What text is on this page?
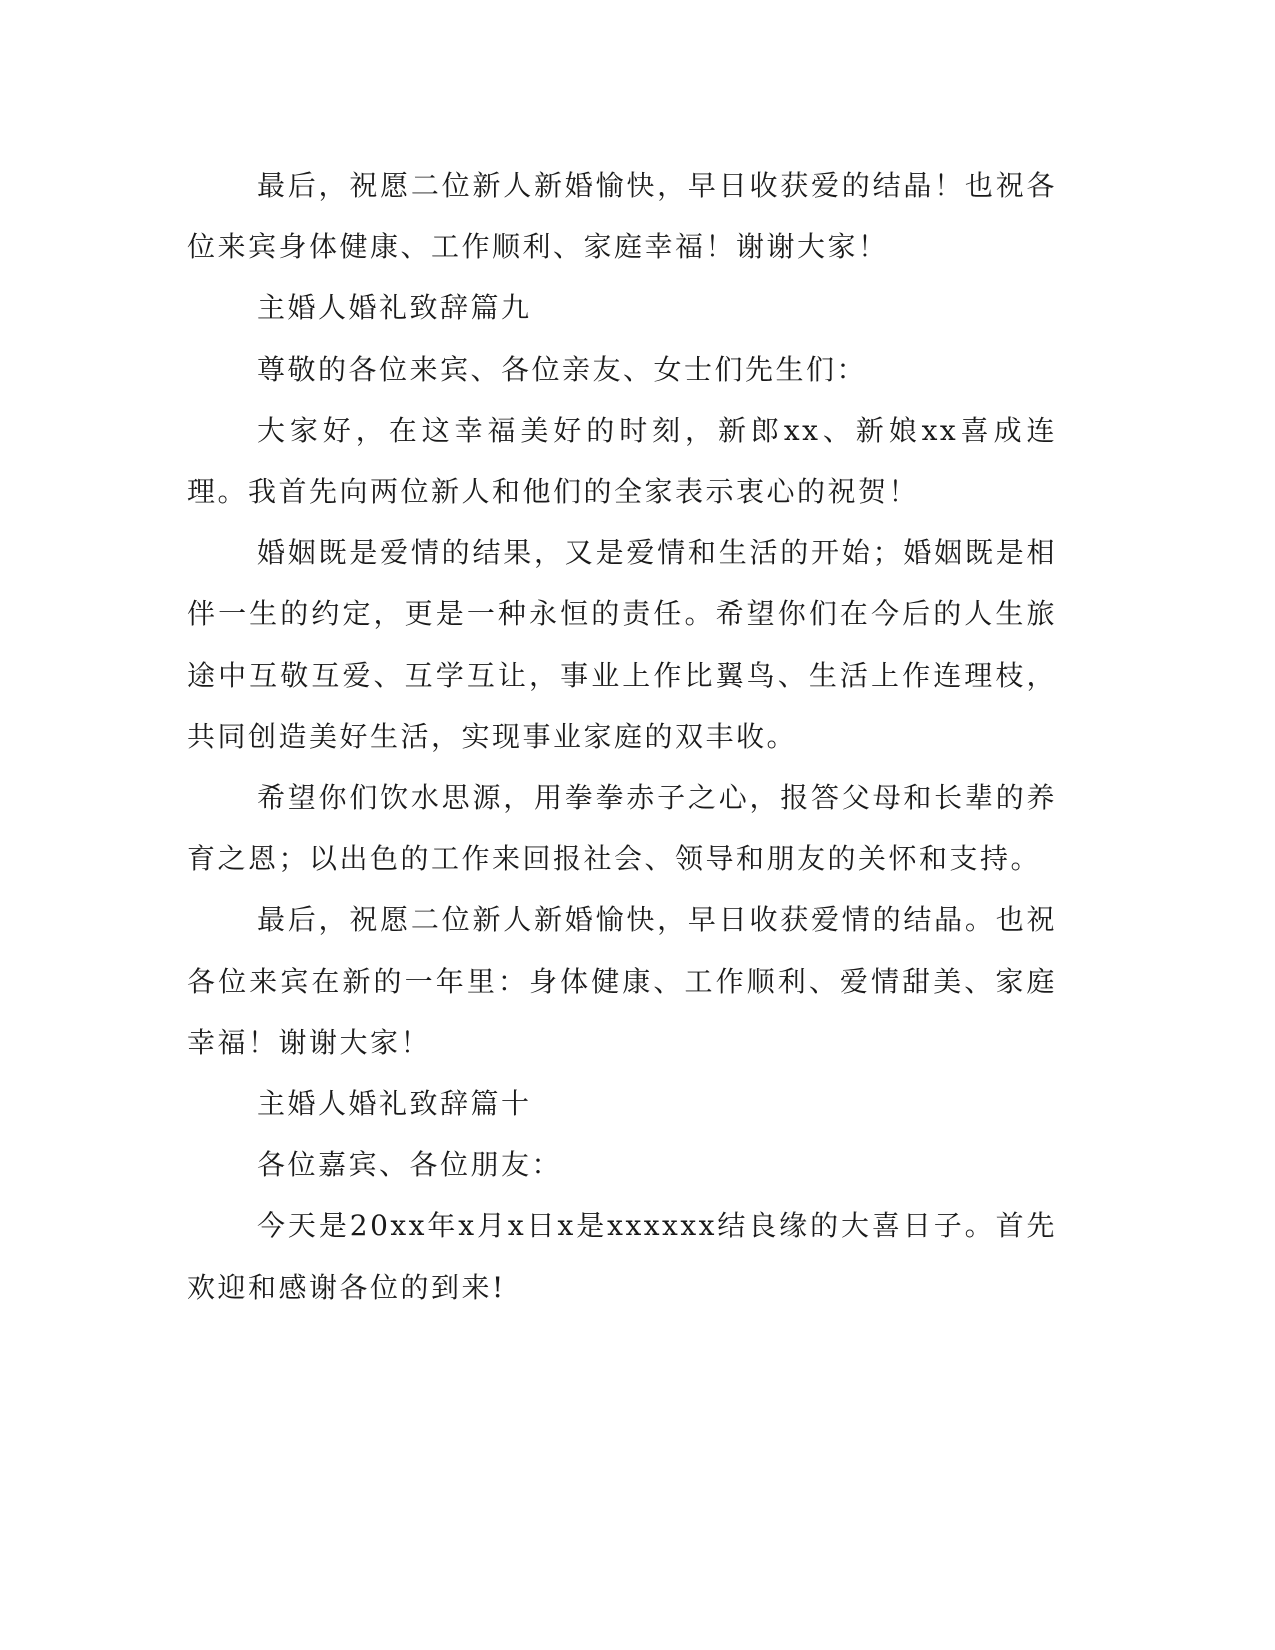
最后，祝愿二位新人新婚愉快，早日收获爱的结晶！也祝各位来宾身体健康、工作顺利、家庭幸福！谢谢大家！

主婚人婚礼致辞篇九

尊敬的各位来宾、各位亲友、女士们先生们：

大家好，在这幸福美好的时刻，新郎xx、新娘xx喜成连理。我首先向两位新人和他们的全家表示衷心的祝贺！

婚姻既是爱情的结果，又是爱情和生活的开始；婚姻既是相伴一生的约定，更是一种永恒的责任。希望你们在今后的人生旅途中互敬互爱、互学互让，事业上作比翼鸟、生活上作连理枝，共同创造美好生活，实现事业家庭的双丰收。

希望你们饮水思源，用拳拳赤子之心，报答父母和长辈的养育之恩；以出色的工作来回报社会、领导和朋友的关怀和支持。

最后，祝愿二位新人新婚愉快，早日收获爱情的结晶。也祝各位来宾在新的一年里：身体健康、工作顺利、爱情甜美、家庭幸福！谢谢大家！

主婚人婚礼致辞篇十

各位嘉宾、各位朋友：

今天是20xx年x月x日x是xxxxxx结良缘的大喜日子。首先欢迎和感谢各位的到来!
